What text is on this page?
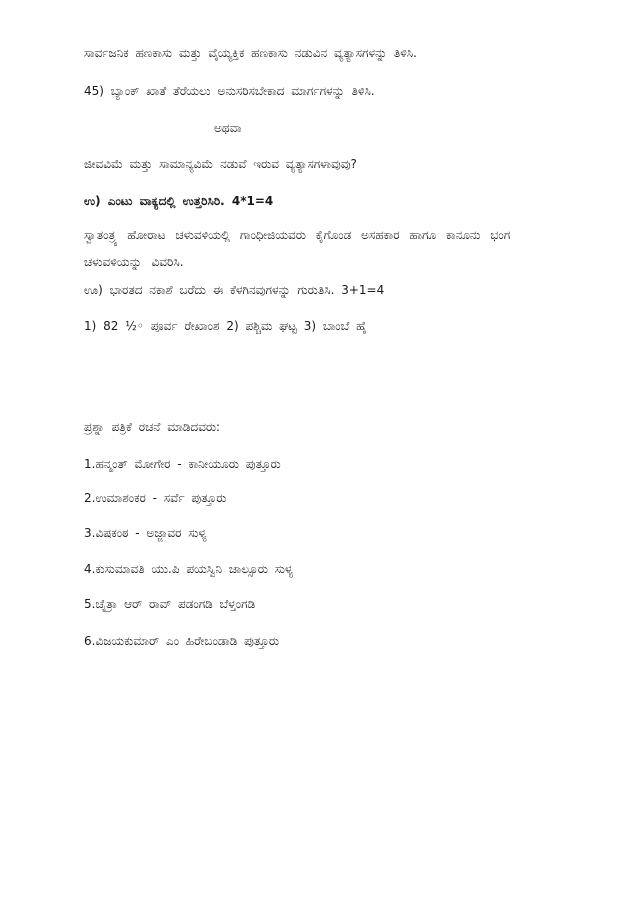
ಸಾರ್ವಜನಿಕ ಹಣಕಾಸು ಮತ್ತು ವೈಯ್ಯಕ್ತಿಕ ಹಣಕಾಸು ನಡುವಿನ ವ್ಯತ್ಯಾಸಗಳನ್ನು ತಿಳಿಸಿ.
45) ಬ್ಯಾಂಕ್ ಖಾತೆ ತೆರೆಯಲು ಅನುಸರಿಸಬೇಕಾದ ಮಾರ್ಗಗಳನ್ನು ತಿಳಿಸಿ.
ಅಥವಾ
ಜೀವವಿಮೆ ಮತ್ತು ಸಾಮಾನ್ಯವಿಮೆ ನಡುವೆ ಇರುವ ವ್ಯತ್ಯಾಸಗಳಾವುವು?
ಉ) ಎಂಟು ವಾಕ್ಯದಲ್ಲಿ ಉತ್ತರಿಸಿರಿ. 4*1=4
ಸ್ವಾತಂತ್ರ್ಯ ಹೋರಾಟ ಚಳುವಳಿಯಲ್ಲಿ ಗಾಂಧೀಜಿಯವರು ಕೈಗೊಂಡ ಅಸಹಕಾರ ಹಾಗೂ ಕಾನೂನು ಭಂಗ ಚಳುವಳಿಯನ್ನು ವಿವರಿಸಿ.
ಊ) ಭಾರತದ ನಕಾಶೆ ಬರೆದು ಈ ಕೆಳಗಿನವುಗಳನ್ನು ಗುರುತಿಸಿ. 3+1=4
1) 82 ½◦ ಪೂರ್ವ ರೇಖಾಂಶ 2) ಪಶ್ಚಿಮ ಘಟ್ಟ 3) ಬಾಂಬೆ ಹೈ
ಪ್ರಶ್ನಾ ಪತ್ರಿಕೆ ರಚನೆ ಮಾಡಿದವರು:
1.ಹನ್ಮಂತ್ ಮೋಗೇರ - ಕಾನೀಯೂರು ಪುತ್ತೂರು
2.ಉಮಾಶಂಕರ - ಸರ್ವೆ ಪುತ್ತೂರು
3.ವಿಷಕಂಠ - ಅಜ್ಜಾವರ ಸುಳ್ಯ
4.ಕುಸುಮಾವತಿ ಯು.ಪಿ ಪಯಸ್ವಿನಿ ಜಾಲ್ಸೂರು ಸುಳ್ಯ
5.ಚೈತ್ರಾ ಆರ್ ರಾವ್ ಪಡಂಗಡಿ ಬೆಳ್ತಂಗಡಿ
6.ವಿಜಯಕುಮಾರ್ ಎಂ ಹಿರೇಬಂಡಾಡಿ ಪುತ್ತೂರು
